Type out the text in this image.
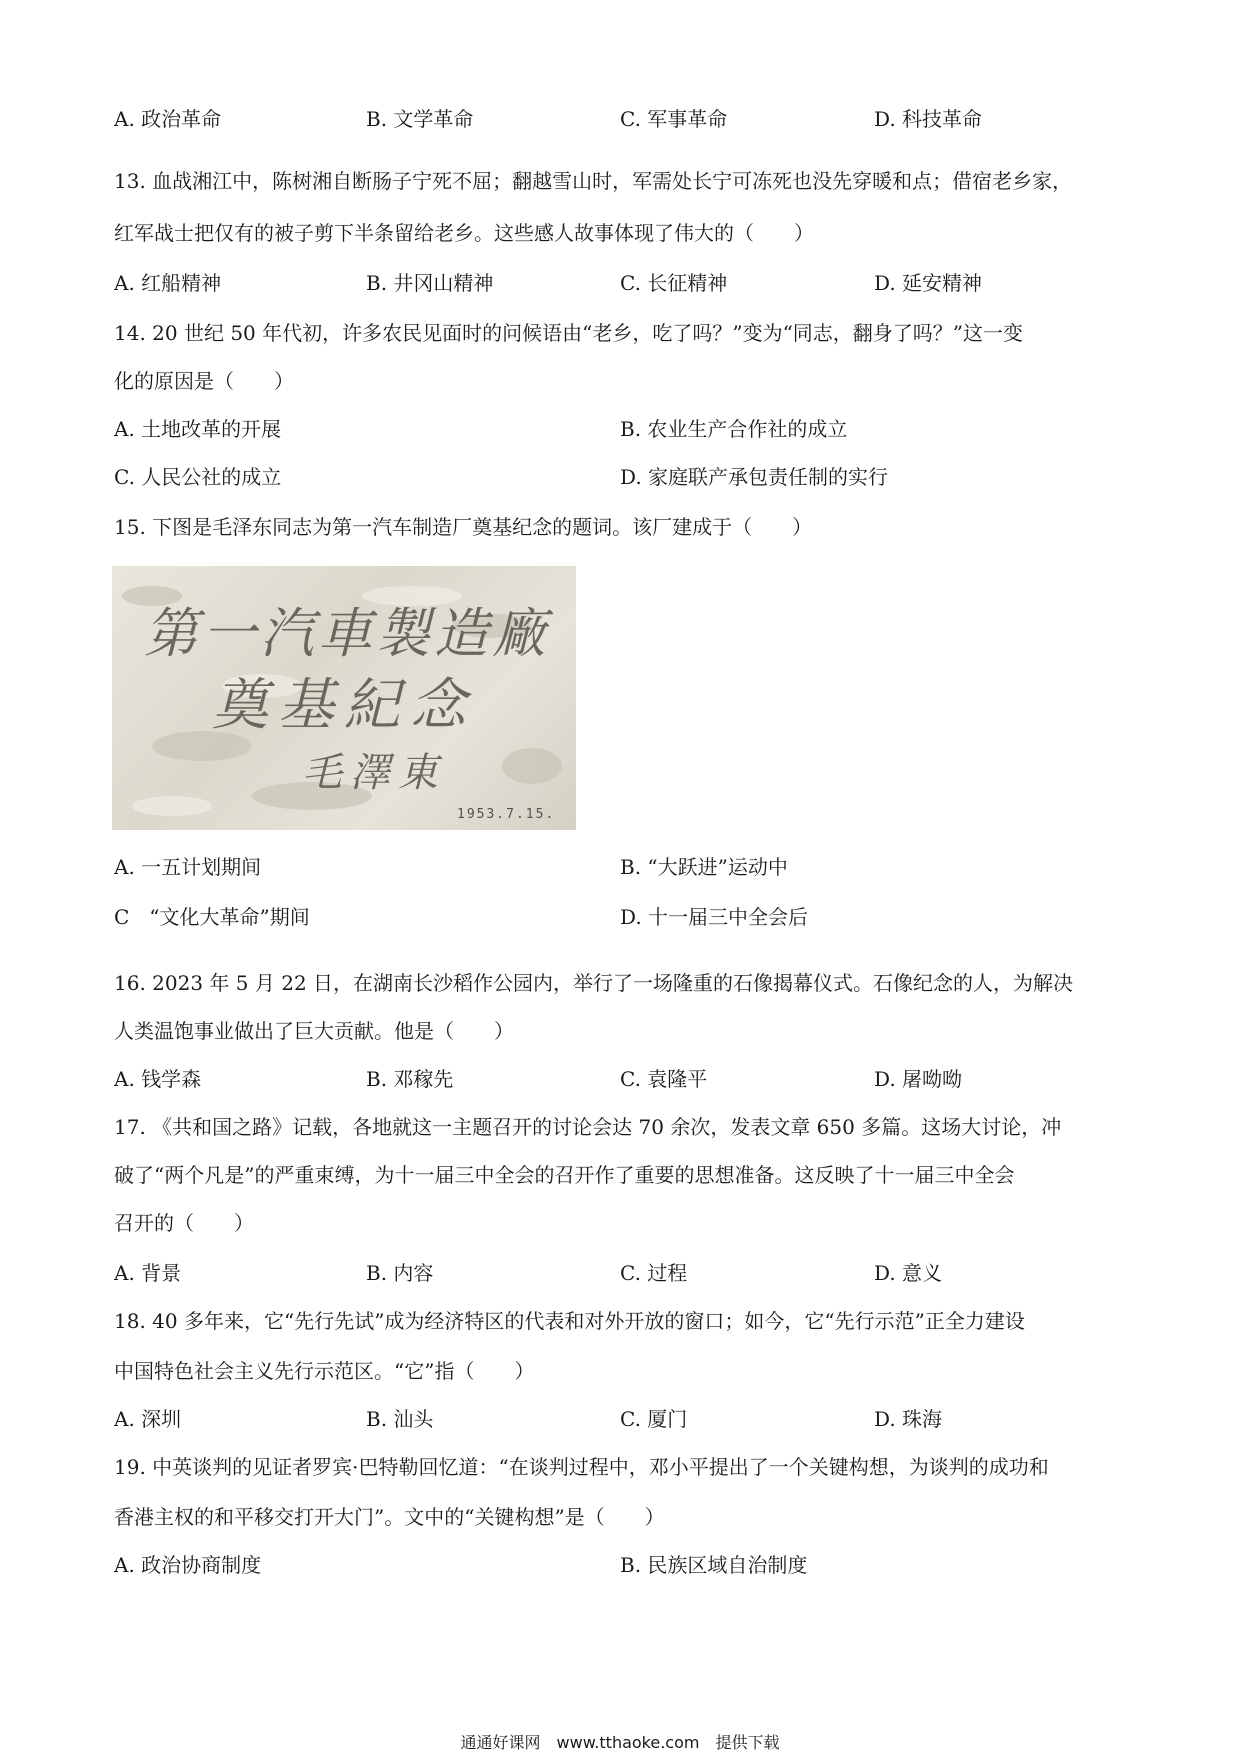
A. 政治革命	B. 文学革命	C. 军事革命	D. 科技革命
13. 血战湘江中，陈树湘自断肠子宁死不屈；翻越雪山时，军需处长宁可冻死也没先穿暖和点；借宿老乡家，
红军战士把仅有的被子剪下半条留给老乡。这些感人故事体现了伟大的（　　）
A. 红船精神	B. 井冈山精神	C. 长征精神	D. 延安精神
14. 20 世纪 50 年代初，许多农民见面时的问候语由“老乡，吃了吗？”变为“同志，翻身了吗？”这一变
化的原因是（　　）
A. 土地改革的开展	B. 农业生产合作社的成立
C. 人民公社的成立	D. 家庭联产承包责任制的实行
15. 下图是毛泽东同志为第一汽车制造厂奠基纪念的题词。该厂建成于（　　）
第一汽車製造廠
奠基紀念
毛澤東
1953.7.15.
A. 一五计划期间	B. “大跃进”运动中
C　“文化大革命”期间	D. 十一届三中全会后
16. 2023 年 5 月 22 日，在湖南长沙稻作公园内，举行了一场隆重的石像揭幕仪式。石像纪念的人，为解决
人类温饱事业做出了巨大贡献。他是（　　）
A. 钱学森	B. 邓稼先	C. 袁隆平	D. 屠呦呦
17. 《共和国之路》记载，各地就这一主题召开的讨论会达 70 余次，发表文章 650 多篇。这场大讨论，冲
破了“两个凡是”的严重束缚，为十一届三中全会的召开作了重要的思想准备。这反映了十一届三中全会
召开的（　　）
A. 背景	B. 内容	C. 过程	D. 意义
18. 40 多年来，它“先行先试”成为经济特区的代表和对外开放的窗口；如今，它“先行示范”正全力建设
中国特色社会主义先行示范区。“它”指（　　）
A. 深圳	B. 汕头	C. 厦门	D. 珠海
19. 中英谈判的见证者罗宾·巴特勒回忆道：“在谈判过程中，邓小平提出了一个关键构想，为谈判的成功和
香港主权的和平移交打开大门”。文中的“关键构想”是（　　）
A. 政治协商制度	B. 民族区域自治制度
通通好课网　www.tthaoke.com　提供下载
